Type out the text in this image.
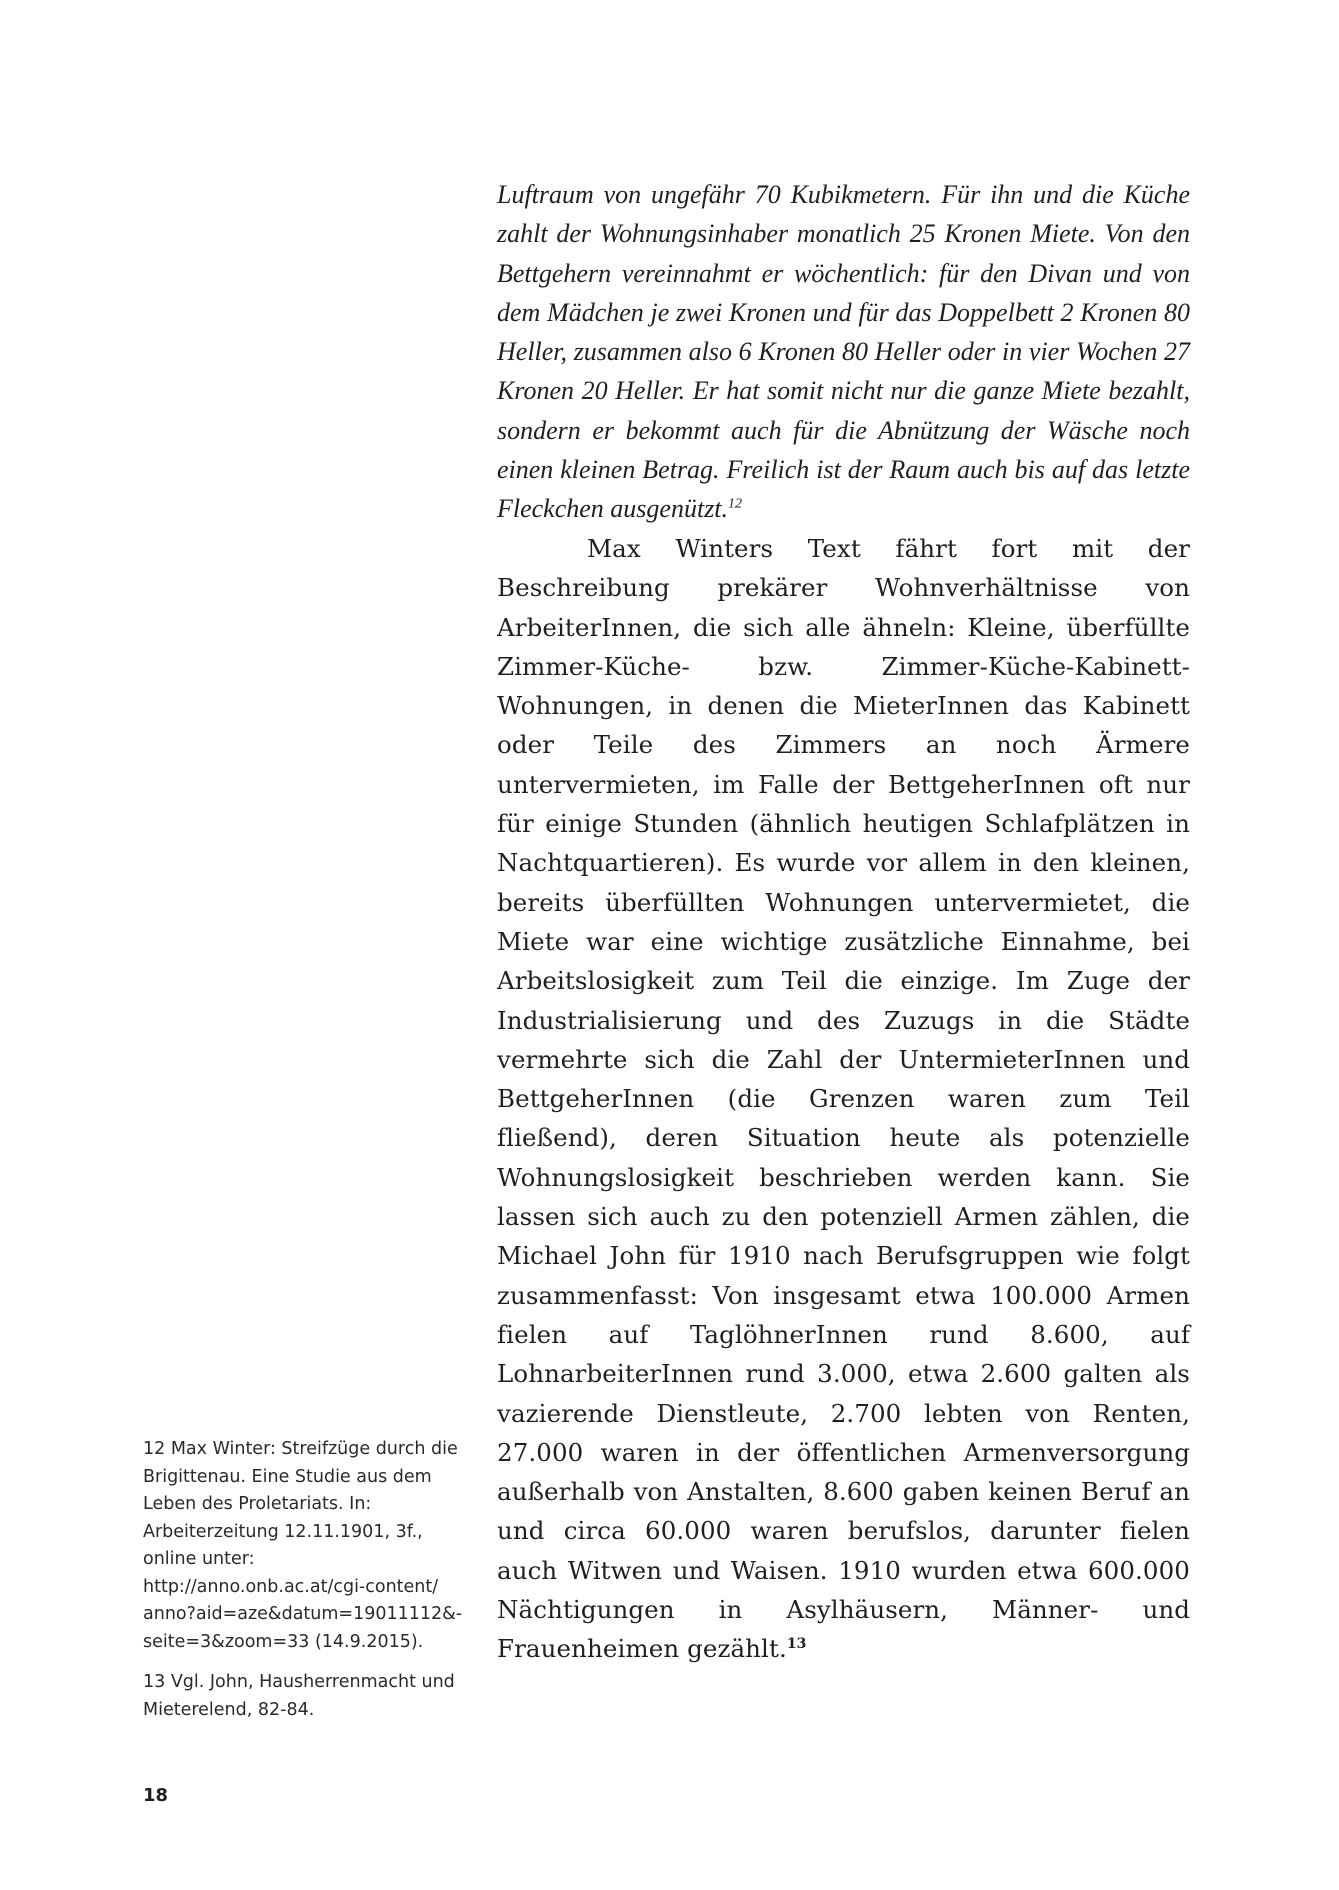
Luftraum von ungefähr 70 Kubikmetern. Für ihn und die Küche zahlt der Wohnungsinhaber monatlich 25 Kronen Miete. Von den Bettgehern vereinnahmt er wöchentlich: für den Divan und von dem Mädchen je zwei Kronen und für das Doppelbett 2 Kronen 80 Heller, zusammen also 6 Kronen 80 Heller oder in vier Wochen 27 Kronen 20 Heller. Er hat somit nicht nur die ganze Miete bezahlt, sondern er bekommt auch für die Abnützung der Wäsche noch einen kleinen Betrag. Freilich ist der Raum auch bis auf das letzte Fleckchen ausgenützt.$^{12}$

Max Winters Text fährt fort mit der Beschreibung prekärer Wohnverhältnisse von ArbeiterInnen, die sich alle ähneln: Kleine, überfüllte Zimmer-Küche- bzw. Zimmer-Küche-Kabinett-Wohnungen, in denen die MieterInnen das Kabinett oder Teile des Zimmers an noch Ärmere untervermieten, im Falle der BettgeherInnen oft nur für einige Stunden (ähnlich heutigen Schlafplätzen in Nachtquartieren). Es wurde vor allem in den kleinen, bereits überfüllten Wohnungen untervermietet, die Miete war eine wichtige zusätzliche Einnahme, bei Arbeitslosigkeit zum Teil die einzige. Im Zuge der Industrialisierung und des Zuzugs in die Städte vermehrte sich die Zahl der UntermieterInnen und BettgeherInnen (die Grenzen waren zum Teil fließend), deren Situation heute als potenzielle Wohnungslosigkeit beschrieben werden kann. Sie lassen sich auch zu den potenziell Armen zählen, die Michael John für 1910 nach Berufsgruppen wie folgt zusammenfasst: Von insgesamt etwa 100.000 Armen fielen auf TaglöhnerInnen rund 8.600, auf LohnarbeiterInnen rund 3.000, etwa 2.600 galten als vazierende Dienstleute, 2.700 lebten von Renten, 27.000 waren in der öffentlichen Armenversorgung außerhalb von Anstalten, 8.600 gaben keinen Beruf an und circa 60.000 waren berufslos, darunter fielen auch Witwen und Waisen. 1910 wurden etwa 600.000 Nächtigungen in Asylhäusern, Männer- und Frauenheimen gezählt.$^{13}$

12 Max Winter: Streifzüge durch die Brigittenau. Eine Studie aus dem Leben des Proletariats. In: Arbeiterzeitung 12.11.1901, 3f., online unter: http://anno.onb.ac.at/cgi-content/ anno?aid=aze&datum=19011112&-seite=3&zoom=33 (14.9.2015).

13 Vgl. John, Hausherrenmacht und Mieterelend, 82-84.

18
